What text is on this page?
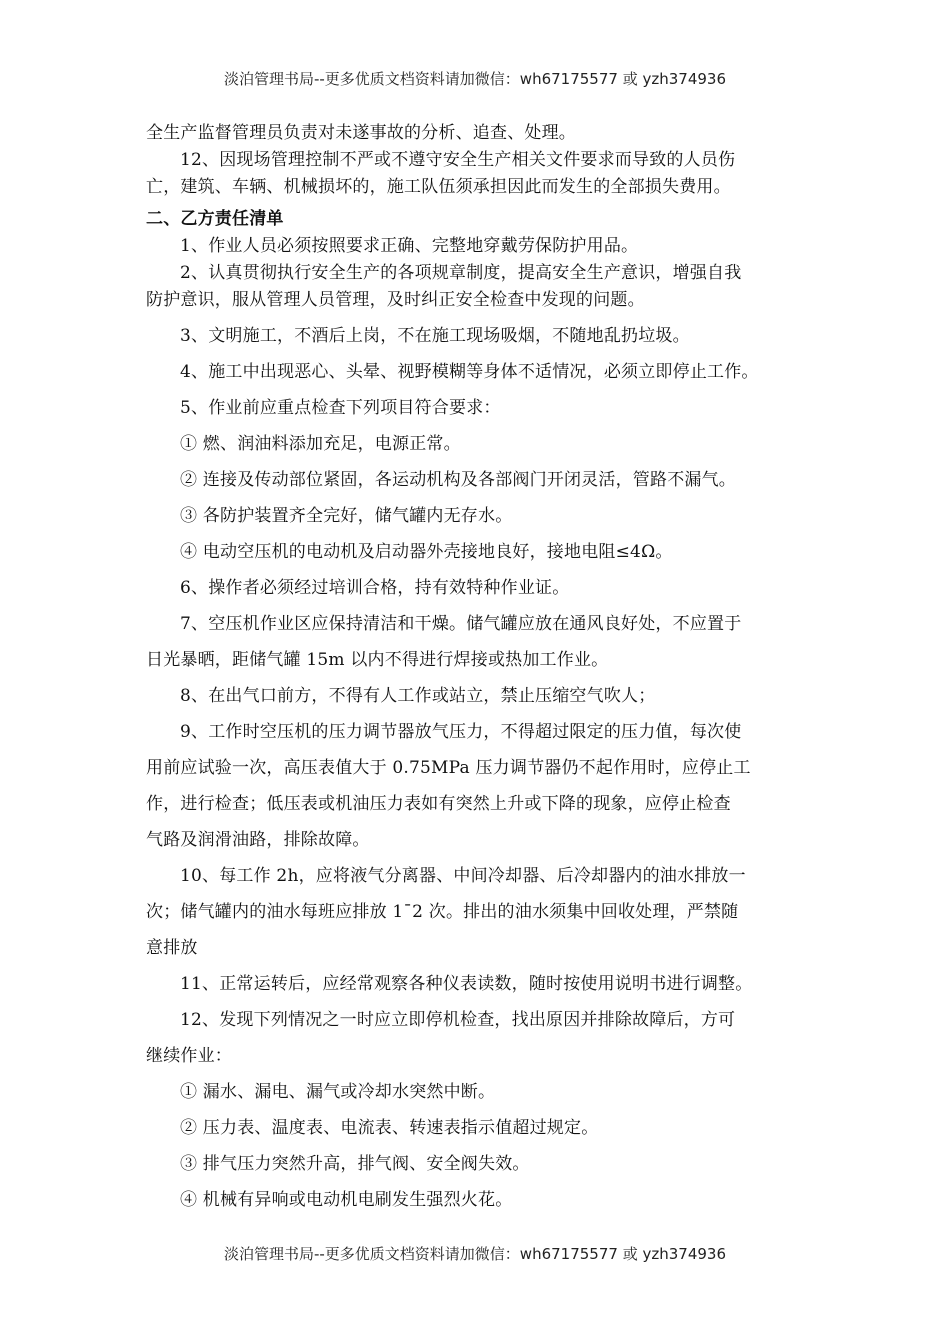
淡泊管理书局--更多优质文档资料请加微信：wh67175577 或 yzh374936

全生产监督管理员负责对未遂事故的分析、追查、处理。

12、因现场管理控制不严或不遵守安全生产相关文件要求而导致的人员伤

亡，建筑、车辆、机械损坏的，施工队伍须承担因此而发生的全部损失费用。

二、乙方责任清单

1、作业人员必须按照要求正确、完整地穿戴劳保防护用品。

2、认真贯彻执行安全生产的各项规章制度，提高安全生产意识，增强自我

防护意识，服从管理人员管理，及时纠正安全检查中发现的问题。

3、文明施工，不酒后上岗，不在施工现场吸烟，不随地乱扔垃圾。

4、施工中出现恶心、头晕、视野模糊等身体不适情况，必须立即停止工作。

5、作业前应重点检查下列项目符合要求：

① 燃、润油料添加充足，电源正常。

② 连接及传动部位紧固，各运动机构及各部阀门开闭灵活，管路不漏气。

③ 各防护装置齐全完好，储气罐内无存水。

④ 电动空压机的电动机及启动器外壳接地良好，接地电阻≤4Ω。

6、操作者必须经过培训合格，持有效特种作业证。

7、空压机作业区应保持清洁和干燥。储气罐应放在通风良好处，不应置于

日光暴晒，距储气罐 15m 以内不得进行焊接或热加工作业。

8、在出气口前方，不得有人工作或站立，禁止压缩空气吹人；

9、工作时空压机的压力调节器放气压力，不得超过限定的压力值，每次使

用前应试验一次，高压表值大于 0.75MPa 压力调节器仍不起作用时，应停止工

作，进行检查；低压表或机油压力表如有突然上升或下降的现象，应停止检查

气路及润滑油路，排除故障。

10、每工作 2h，应将液气分离器、中间冷却器、后冷却器内的油水排放一

次；储气罐内的油水每班应排放 1¯2 次。排出的油水须集中回收处理，严禁随

意排放

11、正常运转后，应经常观察各种仪表读数，随时按使用说明书进行调整。

12、发现下列情况之一时应立即停机检查，找出原因并排除故障后，方可

继续作业：

① 漏水、漏电、漏气或冷却水突然中断。

② 压力表、温度表、电流表、转速表指示值超过规定。

③ 排气压力突然升高，排气阀、安全阀失效。

④ 机械有异响或电动机电刷发生强烈火花。

淡泊管理书局--更多优质文档资料请加微信：wh67175577 或 yzh374936
